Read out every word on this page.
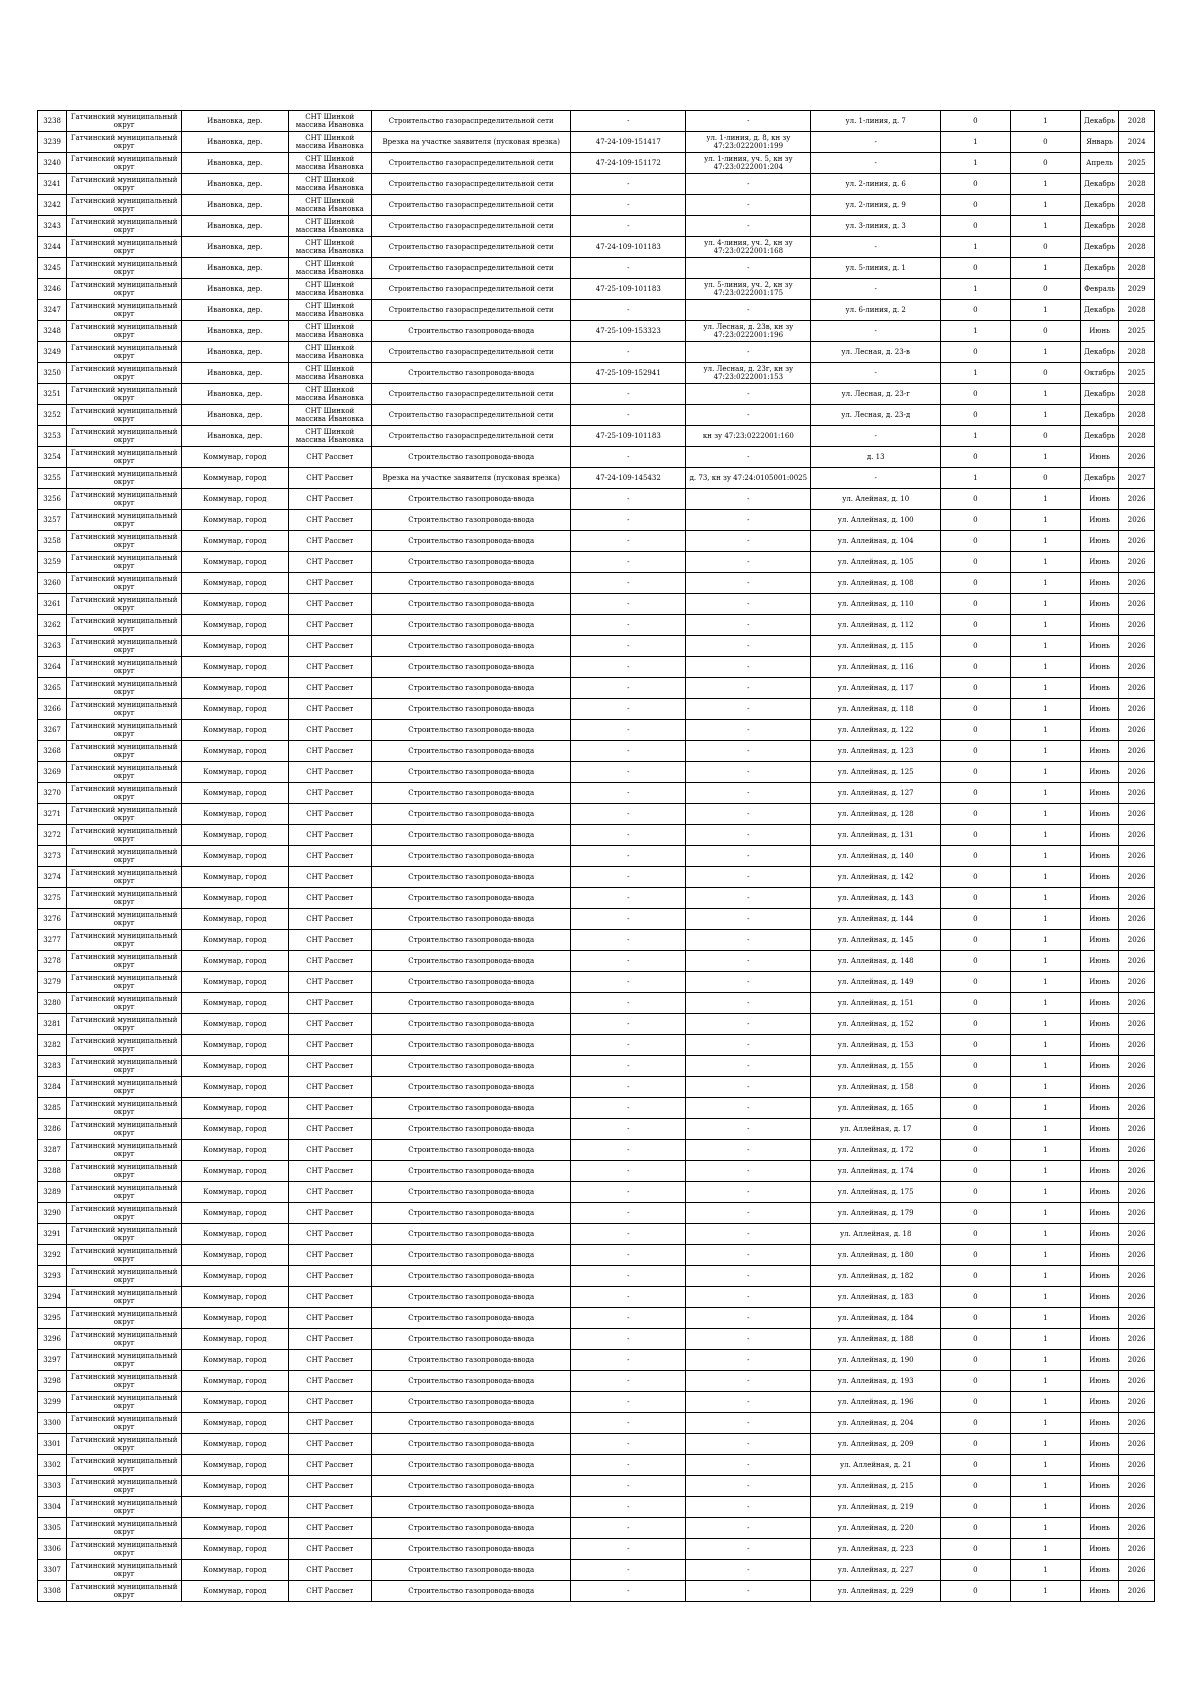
3238	Гатчинский муниципальный округ	Ивановка, дер.	СНТ Шинкой массива Ивановка	Строительство газораспределительной сети	-	-	ул. 1-линия, д. 7	0	1	Декабрь	2028
3239	Гатчинский муниципальный округ	Ивановка, дер.	СНТ Шинкой массива Ивановка	Врезка на участке заявителя (пусковая врезка)	47-24-109-151417	ул. 1-линия, д. 8, кн зу 47:23:0222001:199	-	1	0	Январь	2024
3240	Гатчинский муниципальный округ	Ивановка, дер.	СНТ Шинкой массива Ивановка	Строительство газораспределительной сети	47-24-109-151172	ул. 1-линия, уч. 5, кн зу 47:23:0222001:204	-	1	0	Апрель	2025
3241	Гатчинский муниципальный округ	Ивановка, дер.	СНТ Шинкой массива Ивановка	Строительство газораспределительной сети	-	-	ул. 2-линия, д. 6	0	1	Декабрь	2028
3242	Гатчинский муниципальный округ	Ивановка, дер.	СНТ Шинкой массива Ивановка	Строительство газораспределительной сети	-	-	ул. 2-линия, д. 9	0	1	Декабрь	2028
3243	Гатчинский муниципальный округ	Ивановка, дер.	СНТ Шинкой массива Ивановка	Строительство газораспределительной сети	-	-	ул. 3-линия, д. 3	0	1	Декабрь	2028
3244	Гатчинский муниципальный округ	Ивановка, дер.	СНТ Шинкой массива Ивановка	Строительство газораспределительной сети	47-24-109-101183	ул. 4-линия, уч. 2, кн зу 47:23:0222001:168	-	1	0	Декабрь	2028
3245	Гатчинский муниципальный округ	Ивановка, дер.	СНТ Шинкой массива Ивановка	Строительство газораспределительной сети	-	-	ул. 5-линия, д. 1	0	1	Декабрь	2028
3246	Гатчинский муниципальный округ	Ивановка, дер.	СНТ Шинкой массива Ивановка	Строительство газораспределительной сети	47-25-109-101183	ул. 5-линия, уч. 2, кн зу 47:23:0222001:175	-	1	0	Февраль	2029
3247	Гатчинский муниципальный округ	Ивановка, дер.	СНТ Шинкой массива Ивановка	Строительство газораспределительной сети	-	-	ул. 6-линия, д. 2	0	1	Декабрь	2028
3248	Гатчинский муниципальный округ	Ивановка, дер.	СНТ Шинкой массива Ивановка	Строительство газопровода-ввода	47-25-109-153323	ул. Лесная, д. 23в, кн зу 47:23:0222001:196	-	1	0	Июнь	2025
3249	Гатчинский муниципальный округ	Ивановка, дер.	СНТ Шинкой массива Ивановка	Строительство газораспределительной сети	-	-	ул. Лесная, д. 23-в	0	1	Декабрь	2028
3250	Гатчинский муниципальный округ	Ивановка, дер.	СНТ Шинкой массива Ивановка	Строительство газопровода-ввода	47-25-109-152941	ул. Лесная, д. 23г, кн зу 47:23:0222001:153	-	1	0	Октябрь	2025
3251	Гатчинский муниципальный округ	Ивановка, дер.	СНТ Шинкой массива Ивановка	Строительство газораспределительной сети	-	-	ул. Лесная, д. 23-г	0	1	Декабрь	2028
3252	Гатчинский муниципальный округ	Ивановка, дер.	СНТ Шинкой массива Ивановка	Строительство газораспределительной сети	-	-	ул. Лесная, д. 23-д	0	1	Декабрь	2028
3253	Гатчинский муниципальный округ	Ивановка, дер.	СНТ Шинкой массива Ивановка	Строительство газораспределительной сети	47-25-109-101183	кн зу 47:23:0222001:160	-	1	0	Декабрь	2028
3254	Гатчинский муниципальный округ	Коммунар, город	СНТ Рассвет	Строительство газопровода-ввода	-	-	д. 13	0	1	Июнь	2026
3255	Гатчинский муниципальный округ	Коммунар, город	СНТ Рассвет	Врезка на участке заявителя (пусковая врезка)	47-24-109-145432	д. 73, кн зу 47:24:0105001:0025	-	1	0	Декабрь	2027
3256	Гатчинский муниципальный округ	Коммунар, город	СНТ Рассвет	Строительство газопровода-ввода	-	-	ул. Алейная, д. 10	0	1	Июнь	2026
3257	Гатчинский муниципальный округ	Коммунар, город	СНТ Рассвет	Строительство газопровода-ввода	-	-	ул. Аллейная, д. 100	0	1	Июнь	2026
3258	Гатчинский муниципальный округ	Коммунар, город	СНТ Рассвет	Строительство газопровода-ввода	-	-	ул. Аллейная, д. 104	0	1	Июнь	2026
3259	Гатчинский муниципальный округ	Коммунар, город	СНТ Рассвет	Строительство газопровода-ввода	-	-	ул. Аллейная, д. 105	0	1	Июнь	2026
3260	Гатчинский муниципальный округ	Коммунар, город	СНТ Рассвет	Строительство газопровода-ввода	-	-	ул. Аллейная, д. 108	0	1	Июнь	2026
3261	Гатчинский муниципальный округ	Коммунар, город	СНТ Рассвет	Строительство газопровода-ввода	-	-	ул. Аллейная, д. 110	0	1	Июнь	2026
3262	Гатчинский муниципальный округ	Коммунар, город	СНТ Рассвет	Строительство газопровода-ввода	-	-	ул. Аллейная, д. 112	0	1	Июнь	2026
3263	Гатчинский муниципальный округ	Коммунар, город	СНТ Рассвет	Строительство газопровода-ввода	-	-	ул. Аллейная, д. 115	0	1	Июнь	2026
3264	Гатчинский муниципальный округ	Коммунар, город	СНТ Рассвет	Строительство газопровода-ввода	-	-	ул. Аллейная, д. 116	0	1	Июнь	2026
3265	Гатчинский муниципальный округ	Коммунар, город	СНТ Рассвет	Строительство газопровода-ввода	-	-	ул. Аллейная, д. 117	0	1	Июнь	2026
3266	Гатчинский муниципальный округ	Коммунар, город	СНТ Рассвет	Строительство газопровода-ввода	-	-	ул. Аллейная, д. 118	0	1	Июнь	2026
3267	Гатчинский муниципальный округ	Коммунар, город	СНТ Рассвет	Строительство газопровода-ввода	-	-	ул. Аллейная, д. 122	0	1	Июнь	2026
3268	Гатчинский муниципальный округ	Коммунар, город	СНТ Рассвет	Строительство газопровода-ввода	-	-	ул. Аллейная, д. 123	0	1	Июнь	2026
3269	Гатчинский муниципальный округ	Коммунар, город	СНТ Рассвет	Строительство газопровода-ввода	-	-	ул. Аллейная, д. 125	0	1	Июнь	2026
3270	Гатчинский муниципальный округ	Коммунар, город	СНТ Рассвет	Строительство газопровода-ввода	-	-	ул. Аллейная, д. 127	0	1	Июнь	2026
3271	Гатчинский муниципальный округ	Коммунар, город	СНТ Рассвет	Строительство газопровода-ввода	-	-	ул. Аллейная, д. 128	0	1	Июнь	2026
3272	Гатчинский муниципальный округ	Коммунар, город	СНТ Рассвет	Строительство газопровода-ввода	-	-	ул. Аллейная, д. 131	0	1	Июнь	2026
3273	Гатчинский муниципальный округ	Коммунар, город	СНТ Рассвет	Строительство газопровода-ввода	-	-	ул. Аллейная, д. 140	0	1	Июнь	2026
3274	Гатчинский муниципальный округ	Коммунар, город	СНТ Рассвет	Строительство газопровода-ввода	-	-	ул. Аллейная, д. 142	0	1	Июнь	2026
3275	Гатчинский муниципальный округ	Коммунар, город	СНТ Рассвет	Строительство газопровода-ввода	-	-	ул. Аллейная, д. 143	0	1	Июнь	2026
3276	Гатчинский муниципальный округ	Коммунар, город	СНТ Рассвет	Строительство газопровода-ввода	-	-	ул. Аллейная, д. 144	0	1	Июнь	2026
3277	Гатчинский муниципальный округ	Коммунар, город	СНТ Рассвет	Строительство газопровода-ввода	-	-	ул. Аллейная, д. 145	0	1	Июнь	2026
3278	Гатчинский муниципальный округ	Коммунар, город	СНТ Рассвет	Строительство газопровода-ввода	-	-	ул. Аллейная, д. 148	0	1	Июнь	2026
3279	Гатчинский муниципальный округ	Коммунар, город	СНТ Рассвет	Строительство газопровода-ввода	-	-	ул. Аллейная, д. 149	0	1	Июнь	2026
3280	Гатчинский муниципальный округ	Коммунар, город	СНТ Рассвет	Строительство газопровода-ввода	-	-	ул. Аллейная, д. 151	0	1	Июнь	2026
3281	Гатчинский муниципальный округ	Коммунар, город	СНТ Рассвет	Строительство газопровода-ввода	-	-	ул. Аллейная, д. 152	0	1	Июнь	2026
3282	Гатчинский муниципальный округ	Коммунар, город	СНТ Рассвет	Строительство газопровода-ввода	-	-	ул. Аллейная, д. 153	0	1	Июнь	2026
3283	Гатчинский муниципальный округ	Коммунар, город	СНТ Рассвет	Строительство газопровода-ввода	-	-	ул. Аллейная, д. 155	0	1	Июнь	2026
3284	Гатчинский муниципальный округ	Коммунар, город	СНТ Рассвет	Строительство газопровода-ввода	-	-	ул. Аллейная, д. 158	0	1	Июнь	2026
3285	Гатчинский муниципальный округ	Коммунар, город	СНТ Рассвет	Строительство газопровода-ввода	-	-	ул. Аллейная, д. 165	0	1	Июнь	2026
3286	Гатчинский муниципальный округ	Коммунар, город	СНТ Рассвет	Строительство газопровода-ввода	-	-	ул. Аллейная, д. 17	0	1	Июнь	2026
3287	Гатчинский муниципальный округ	Коммунар, город	СНТ Рассвет	Строительство газопровода-ввода	-	-	ул. Аллейная, д. 172	0	1	Июнь	2026
3288	Гатчинский муниципальный округ	Коммунар, город	СНТ Рассвет	Строительство газопровода-ввода	-	-	ул. Аллейная, д. 174	0	1	Июнь	2026
3289	Гатчинский муниципальный округ	Коммунар, город	СНТ Рассвет	Строительство газопровода-ввода	-	-	ул. Аллейная, д. 175	0	1	Июнь	2026
3290	Гатчинский муниципальный округ	Коммунар, город	СНТ Рассвет	Строительство газопровода-ввода	-	-	ул. Аллейная, д. 179	0	1	Июнь	2026
3291	Гатчинский муниципальный округ	Коммунар, город	СНТ Рассвет	Строительство газопровода-ввода	-	-	ул. Аллейная, д. 18	0	1	Июнь	2026
3292	Гатчинский муниципальный округ	Коммунар, город	СНТ Рассвет	Строительство газопровода-ввода	-	-	ул. Аллейная, д. 180	0	1	Июнь	2026
3293	Гатчинский муниципальный округ	Коммунар, город	СНТ Рассвет	Строительство газопровода-ввода	-	-	ул. Аллейная, д. 182	0	1	Июнь	2026
3294	Гатчинский муниципальный округ	Коммунар, город	СНТ Рассвет	Строительство газопровода-ввода	-	-	ул. Аллейная, д. 183	0	1	Июнь	2026
3295	Гатчинский муниципальный округ	Коммунар, город	СНТ Рассвет	Строительство газопровода-ввода	-	-	ул. Аллейная, д. 184	0	1	Июнь	2026
3296	Гатчинский муниципальный округ	Коммунар, город	СНТ Рассвет	Строительство газопровода-ввода	-	-	ул. Аллейная, д. 188	0	1	Июнь	2026
3297	Гатчинский муниципальный округ	Коммунар, город	СНТ Рассвет	Строительство газопровода-ввода	-	-	ул. Аллейная, д. 190	0	1	Июнь	2026
3298	Гатчинский муниципальный округ	Коммунар, город	СНТ Рассвет	Строительство газопровода-ввода	-	-	ул. Аллейная, д. 193	0	1	Июнь	2026
3299	Гатчинский муниципальный округ	Коммунар, город	СНТ Рассвет	Строительство газопровода-ввода	-	-	ул. Аллейная, д. 196	0	1	Июнь	2026
3300	Гатчинский муниципальный округ	Коммунар, город	СНТ Рассвет	Строительство газопровода-ввода	-	-	ул. Аллейная, д. 204	0	1	Июнь	2026
3301	Гатчинский муниципальный округ	Коммунар, город	СНТ Рассвет	Строительство газопровода-ввода	-	-	ул. Аллейная, д. 209	0	1	Июнь	2026
3302	Гатчинский муниципальный округ	Коммунар, город	СНТ Рассвет	Строительство газопровода-ввода	-	-	ул. Аллейная, д. 21	0	1	Июнь	2026
3303	Гатчинский муниципальный округ	Коммунар, город	СНТ Рассвет	Строительство газопровода-ввода	-	-	ул. Аллейная, д. 215	0	1	Июнь	2026
3304	Гатчинский муниципальный округ	Коммунар, город	СНТ Рассвет	Строительство газопровода-ввода	-	-	ул. Аллейная, д. 219	0	1	Июнь	2026
3305	Гатчинский муниципальный округ	Коммунар, город	СНТ Рассвет	Строительство газопровода-ввода	-	-	ул. Аллейная, д. 220	0	1	Июнь	2026
3306	Гатчинский муниципальный округ	Коммунар, город	СНТ Рассвет	Строительство газопровода-ввода	-	-	ул. Аллейная, д. 223	0	1	Июнь	2026
3307	Гатчинский муниципальный округ	Коммунар, город	СНТ Рассвет	Строительство газопровода-ввода	-	-	ул. Аллейная, д. 227	0	1	Июнь	2026
3308	Гатчинский муниципальный округ	Коммунар, город	СНТ Рассвет	Строительство газопровода-ввода	-	-	ул. Аллейная, д. 229	0	1	Июнь	2026
